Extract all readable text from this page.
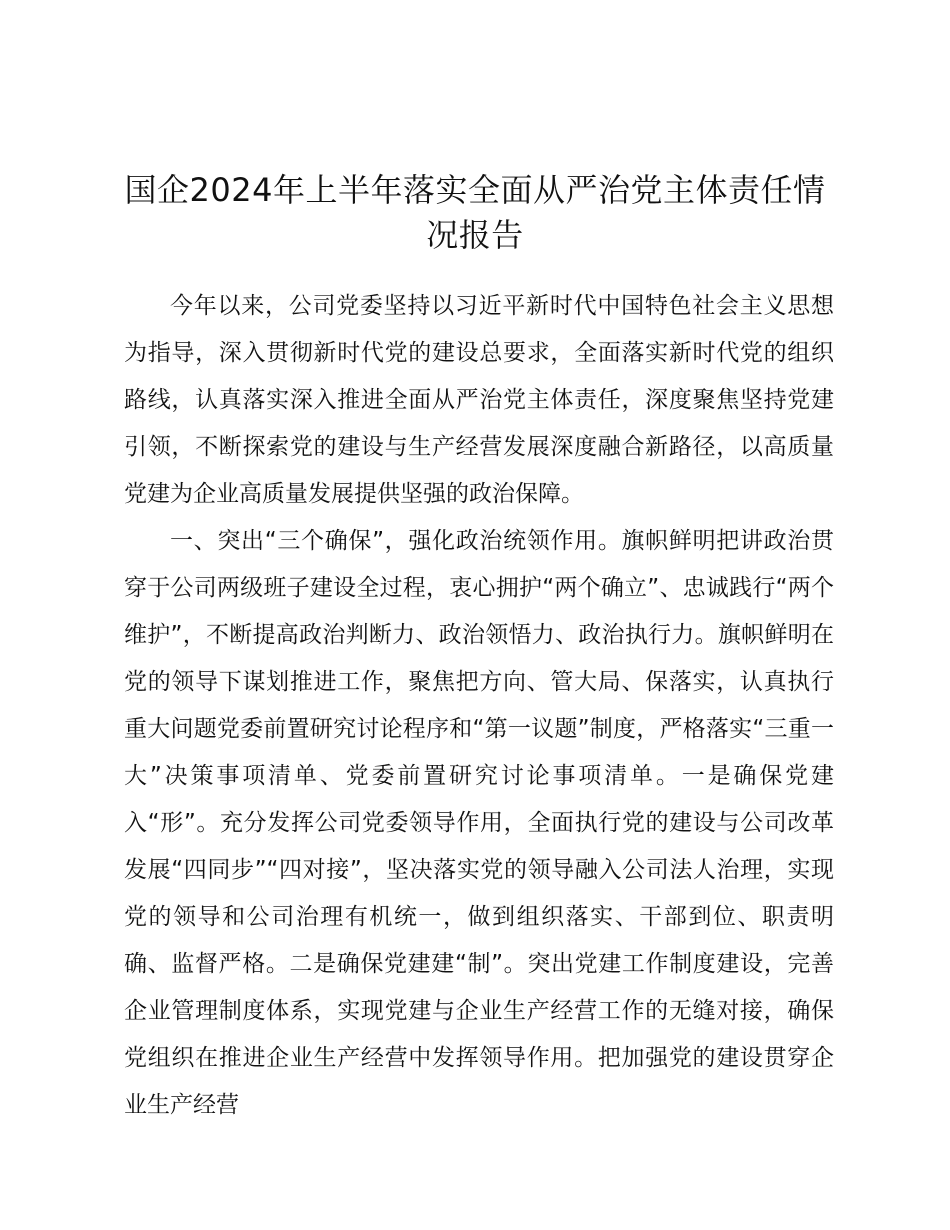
国企2024年上半年落实全面从严治党主体责任情况报告

今年以来，公司党委坚持以习近平新时代中国特色社会主义思想为指导，深入贯彻新时代党的建设总要求，全面落实新时代党的组织路线，认真落实深入推进全面从严治党主体责任，深度聚焦坚持党建引领，不断探索党的建设与生产经营发展深度融合新路径，以高质量党建为企业高质量发展提供坚强的政治保障。

一、突出“三个确保”，强化政治统领作用。旗帜鲜明把讲政治贯穿于公司两级班子建设全过程，衷心拥护“两个确立”、忠诚践行“两个维护”，不断提高政治判断力、政治领悟力、政治执行力。旗帜鲜明在党的领导下谋划推进工作，聚焦把方向、管大局、保落实，认真执行重大问题党委前置研究讨论程序和“第一议题”制度，严格落实“三重一大”决策事项清单、党委前置研究讨论事项清单。一是确保党建入“形”。充分发挥公司党委领导作用，全面执行党的建设与公司改革发展“四同步”“四对接”，坚决落实党的领导融入公司法人治理，实现党的领导和公司治理有机统一，做到组织落实、干部到位、职责明确、监督严格。二是确保党建建“制”。突出党建工作制度建设，完善企业管理制度体系，实现党建与企业生产经营工作的无缝对接，确保党组织在推进企业生产经营中发挥领导作用。把加强党的建设贯穿企业生产经营
